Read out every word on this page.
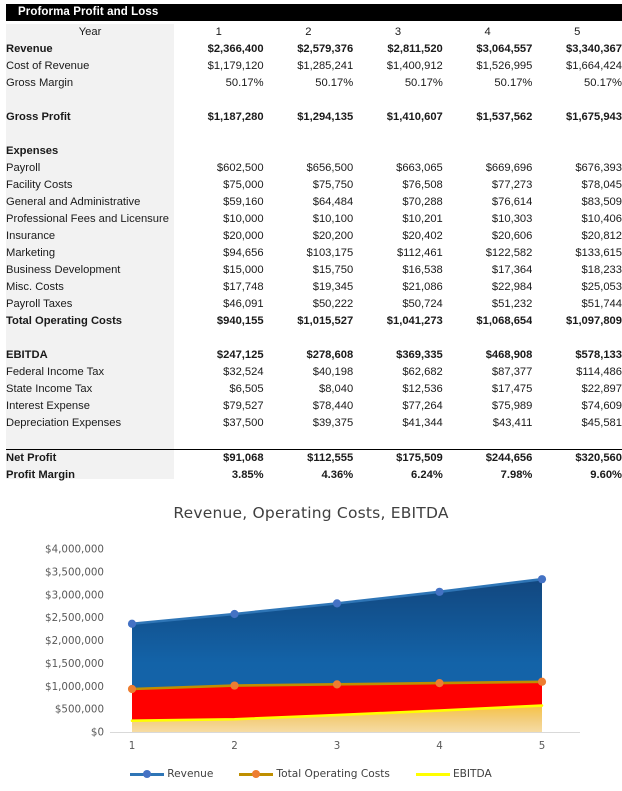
Proforma Profit and Loss
Year	1	2	3	4	5
Revenue	$2,366,400	$2,579,376	$2,811,520	$3,064,557	$3,340,367
Cost of Revenue	$1,179,120	$1,285,241	$1,400,912	$1,526,995	$1,664,424
Gross Margin	50.17%	50.17%	50.17%	50.17%	50.17%

Gross Profit	$1,187,280	$1,294,135	$1,410,607	$1,537,562	$1,675,943

Expenses					
Payroll	$602,500	$656,500	$663,065	$669,696	$676,393
Facility Costs	$75,000	$75,750	$76,508	$77,273	$78,045
General and Administrative	$59,160	$64,484	$70,288	$76,614	$83,509
Professional Fees and Licensure	$10,000	$10,100	$10,201	$10,303	$10,406
Insurance	$20,000	$20,200	$20,402	$20,606	$20,812
Marketing	$94,656	$103,175	$112,461	$122,582	$133,615
Business Development	$15,000	$15,750	$16,538	$17,364	$18,233
Misc. Costs	$17,748	$19,345	$21,086	$22,984	$25,053
Payroll Taxes	$46,091	$50,222	$50,724	$51,232	$51,744
Total Operating Costs	$940,155	$1,015,527	$1,041,273	$1,068,654	$1,097,809

EBITDA	$247,125	$278,608	$369,335	$468,908	$578,133
Federal Income Tax	$32,524	$40,198	$62,682	$87,377	$114,486
State Income Tax	$6,505	$8,040	$12,536	$17,475	$22,897
Interest Expense	$79,527	$78,440	$77,264	$75,989	$74,609
Depreciation Expenses	$37,500	$39,375	$41,344	$43,411	$45,581

Net Profit	$91,068	$112,555	$175,509	$244,656	$320,560
Profit Margin	3.85%	4.36%	6.24%	7.98%	9.60%
Revenue, Operating Costs, EBITDA
$0
$500,000
$1,000,000
$1,500,000
$2,000,000
$2,500,000
$3,000,000
$3,500,000
$4,000,000
1	2	3	4	5
Revenue	Total Operating Costs	EBITDA
